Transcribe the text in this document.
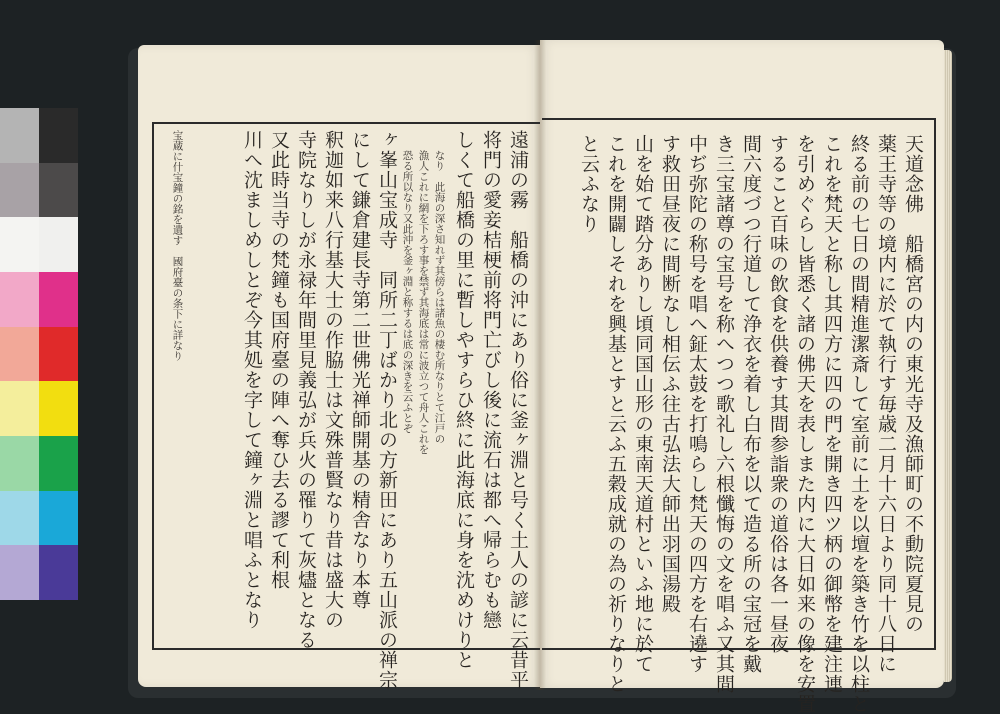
天道念佛　船橋宮の内の東光寺及漁師町の不動院夏見の
薬王寺等の境内に於て執行す毎歳二月十六日より同十八日に
終る前の七日の間精進潔斎して室前に土を以壇を築き竹を以柱と
これを梵天と称し其四方に四の門を開き四ツ柄の御幣を建注連
を引めぐらし皆悉く諸の佛天を表しまた内に大日如来の像を安置
すること百味の飲食を供養す其間参詣衆の道俗は各一昼夜
間六度づつ行道して浄衣を着し白布を以て造る所の宝冠を戴
き三宝諸尊の宝号を称へつつ歌礼し六根懺悔の文を唱ふ又其間
中ぢ弥陀の称号を唱へ鉦太鼓を打鳴らし梵天の四方を右遶す
す救田昼夜に間断なし相伝ふ往古弘法大師出羽国湯殿
山を始て踏分ありし頃同国山形の東南天道村といふ地に於て
これを開闢しそれを興基とすと云ふ五穀成就の為の祈りなりと
と云ふなり
遠浦の霧　船橋の沖にあり俗に釜ヶ淵と号く土人の諺に云昔平
将門の愛妾桔梗前将門亡びし後に流石は都へ帰らむも戀
しくて船橋の里に暫しやすらひ終に此海底に身を沈めけりと
なり　此海の深さ知れず其傍らは諸魚の棲む所なりとて江戸の
漁人これに網を下ろす事を禁ず其海底は常に波立つて舟人これを
恐る所以なり又此沖を釜ヶ淵と称するは底の深きを云ふとぞ
ヶ峯山宝成寺　同所二丁ばかり北の方新田にあり五山派の禅宗
にして鎌倉建長寺第二世佛光禅師開基の精舎なり本尊
釈迦如来八行基大士の作脇士は文殊普賢なり昔は盛大の
寺院なりしが永禄年間里見義弘が兵火の罹りて灰燼となる
又此時当寺の梵鐘も国府臺の陣へ奪ひ去る謬て利根
川へ沈ましめしとぞ今其処を字して鐘ヶ淵と唱ふとなり
宝蔵に什宝鐘の銘を遺す　國府臺の条下に詳なり
